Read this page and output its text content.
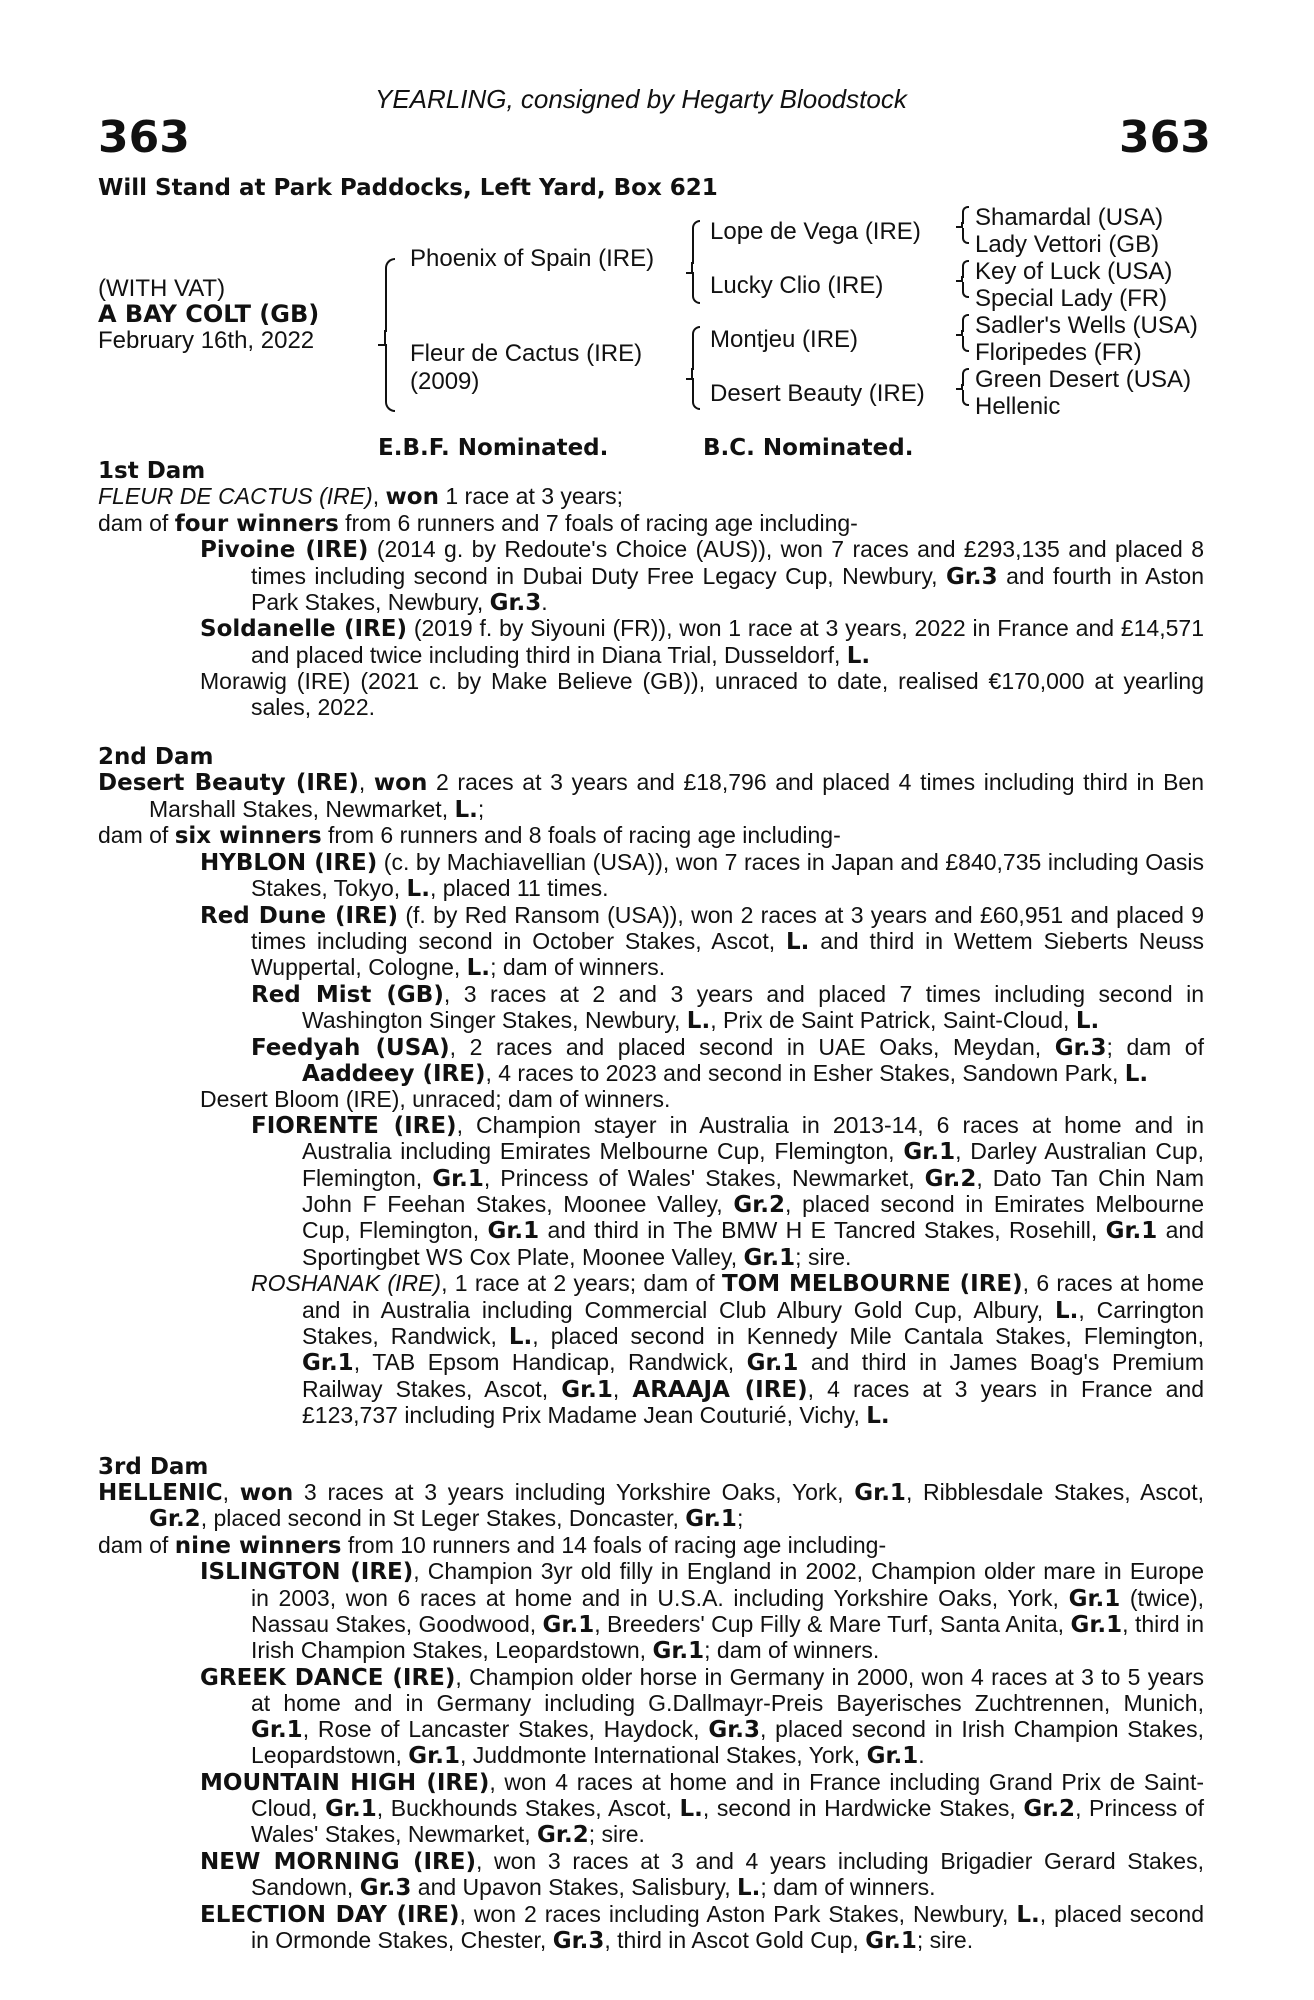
YEARLING, consigned by Hegarty Bloodstock
363	363
Will Stand at Park Paddocks, Left Yard, Box 621
(WITH VAT)
A BAY COLT (GB)
February 16th, 2022
Phoenix of Spain (IRE)
Fleur de Cactus (IRE)
(2009)
Lope de Vega (IRE)
Lucky Clio (IRE)
Montjeu (IRE)
Desert Beauty (IRE)
Shamardal (USA)
Lady Vettori (GB)
Key of Luck (USA)
Special Lady (FR)
Sadler's Wells (USA)
Floripedes (FR)
Green Desert (USA)
Hellenic
E.B.F. Nominated.	B.C. Nominated.

1st Dam

FLEUR DE CACTUS (IRE), won 1 race at 3 years;

dam of four winners from 6 runners and 7 foals of racing age including-

Pivoine (IRE) (2014 g. by Redoute's Choice (AUS)), won 7 races and £293,135 and placed 8 times including second in Dubai Duty Free Legacy Cup, Newbury, Gr.3 and fourth in Aston Park Stakes, Newbury, Gr.3.

Soldanelle (IRE) (2019 f. by Siyouni (FR)), won 1 race at 3 years, 2022 in France and £14,571 and placed twice including third in Diana Trial, Dusseldorf, L.

Morawig (IRE) (2021 c. by Make Believe (GB)), unraced to date, realised €170,000 at yearling sales, 2022.

2nd Dam

Desert Beauty (IRE), won 2 races at 3 years and £18,796 and placed 4 times including third in Ben Marshall Stakes, Newmarket, L.;

dam of six winners from 6 runners and 8 foals of racing age including-

HYBLON (IRE) (c. by Machiavellian (USA)), won 7 races in Japan and £840,735 including Oasis Stakes, Tokyo, L., placed 11 times.

Red Dune (IRE) (f. by Red Ransom (USA)), won 2 races at 3 years and £60,951 and placed 9 times including second in October Stakes, Ascot, L. and third in Wettem Sieberts Neuss Wuppertal, Cologne, L.; dam of winners.

Red Mist (GB), 3 races at 2 and 3 years and placed 7 times including second in Washington Singer Stakes, Newbury, L., Prix de Saint Patrick, Saint-Cloud, L.

Feedyah (USA), 2 races and placed second in UAE Oaks, Meydan, Gr.3; dam of Aaddeey (IRE), 4 races to 2023 and second in Esher Stakes, Sandown Park, L.

Desert Bloom (IRE), unraced; dam of winners.

FIORENTE (IRE), Champion stayer in Australia in 2013-14, 6 races at home and in Australia including Emirates Melbourne Cup, Flemington, Gr.1, Darley Australian Cup, Flemington, Gr.1, Princess of Wales' Stakes, Newmarket, Gr.2, Dato Tan Chin Nam John F Feehan Stakes, Moonee Valley, Gr.2, placed second in Emirates Melbourne Cup, Flemington, Gr.1 and third in The BMW H E Tancred Stakes, Rosehill, Gr.1 and Sportingbet WS Cox Plate, Moonee Valley, Gr.1; sire.

ROSHANAK (IRE), 1 race at 2 years; dam of TOM MELBOURNE (IRE), 6 races at home and in Australia including Commercial Club Albury Gold Cup, Albury, L., Carrington Stakes, Randwick, L., placed second in Kennedy Mile Cantala Stakes, Flemington, Gr.1, TAB Epsom Handicap, Randwick, Gr.1 and third in James Boag's Premium Railway Stakes, Ascot, Gr.1, ARAAJA (IRE), 4 races at 3 years in France and £123,737 including Prix Madame Jean Couturié, Vichy, L.

3rd Dam

HELLENIC, won 3 races at 3 years including Yorkshire Oaks, York, Gr.1, Ribblesdale Stakes, Ascot, Gr.2, placed second in St Leger Stakes, Doncaster, Gr.1;

dam of nine winners from 10 runners and 14 foals of racing age including-

ISLINGTON (IRE), Champion 3yr old filly in England in 2002, Champion older mare in Europe in 2003, won 6 races at home and in U.S.A. including Yorkshire Oaks, York, Gr.1 (twice), Nassau Stakes, Goodwood, Gr.1, Breeders' Cup Filly & Mare Turf, Santa Anita, Gr.1, third in Irish Champion Stakes, Leopardstown, Gr.1; dam of winners.

GREEK DANCE (IRE), Champion older horse in Germany in 2000, won 4 races at 3 to 5 years at home and in Germany including G.Dallmayr-Preis Bayerisches Zuchtrennen, Munich, Gr.1, Rose of Lancaster Stakes, Haydock, Gr.3, placed second in Irish Champion Stakes, Leopardstown, Gr.1, Juddmonte International Stakes, York, Gr.1.

MOUNTAIN HIGH (IRE), won 4 races at home and in France including Grand Prix de Saint-Cloud, Gr.1, Buckhounds Stakes, Ascot, L., second in Hardwicke Stakes, Gr.2, Princess of Wales' Stakes, Newmarket, Gr.2; sire.

NEW MORNING (IRE), won 3 races at 3 and 4 years including Brigadier Gerard Stakes, Sandown, Gr.3 and Upavon Stakes, Salisbury, L.; dam of winners.

ELECTION DAY (IRE), won 2 races including Aston Park Stakes, Newbury, L., placed second in Ormonde Stakes, Chester, Gr.3, third in Ascot Gold Cup, Gr.1; sire.
